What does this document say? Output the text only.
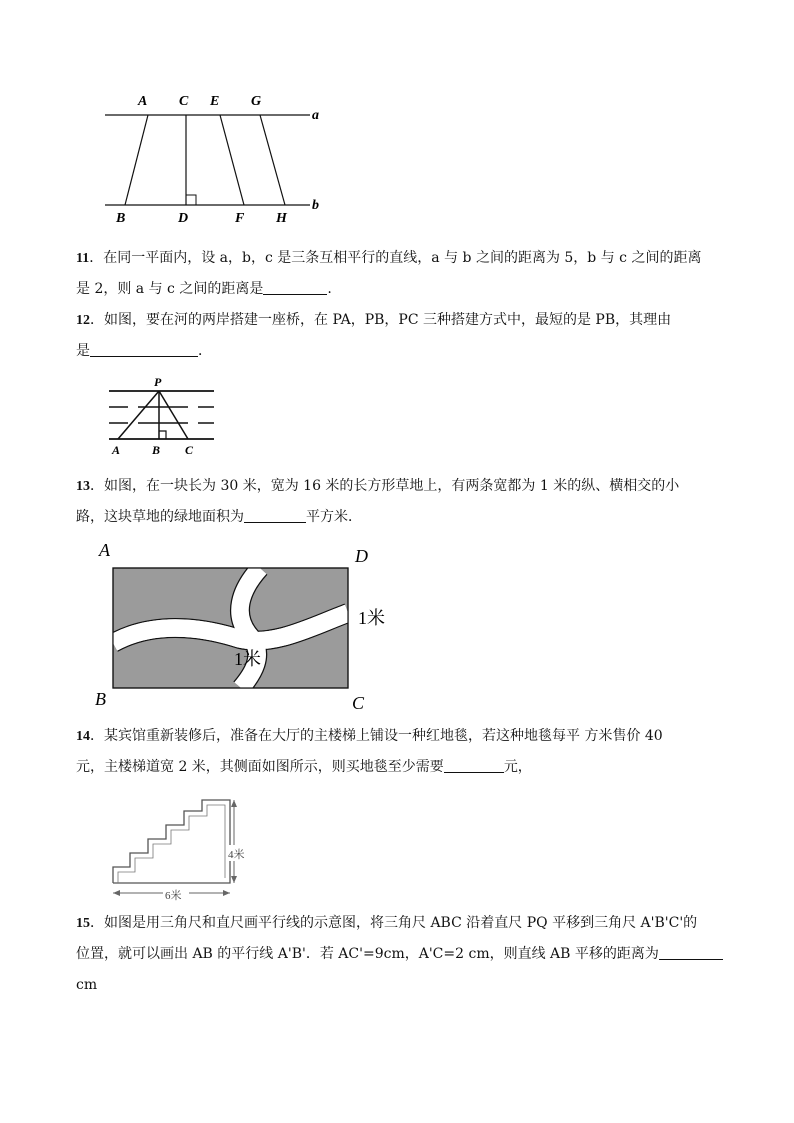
A C E G
B	D	F H
a
b
11．在同一平面内，设 a，b，c 是三条互相平行的直线，a 与 b 之间的距离为 5，b 与 c 之间的距离
是 2，则 a 与 c 之间的距离是	.
12．如图，要在河的两岸搭建一座桥，在 PA，PB，PC 三种搭建方式中，最短的是 PB，其理由
是	．
P
A	B C
13．如图，在一块长为 30 米，宽为 16 米的长方形草地上，有两条宽都为 1 米的纵、横相交的小
路，这块草地的绿地面积为	平方米．
A	D
B	C
1米
1米
14．某宾馆重新装修后，准备在大厅的主楼梯上铺设一种红地毯，若这种地毯每平 方米售价 40
元，主楼梯道宽 2 米，其侧面如图所示，则买地毯至少需要	元，
4米
6米
15．如图是用三角尺和直尺画平行线的示意图，将三角尺 ABC 沿着直尺 PQ 平移到三角尺 A'B'C'的
位置，就可以画出 AB 的平行线 A'B'．若 AC'=9cm，A'C=2 cm，则直线 AB 平移的距离为
cm
